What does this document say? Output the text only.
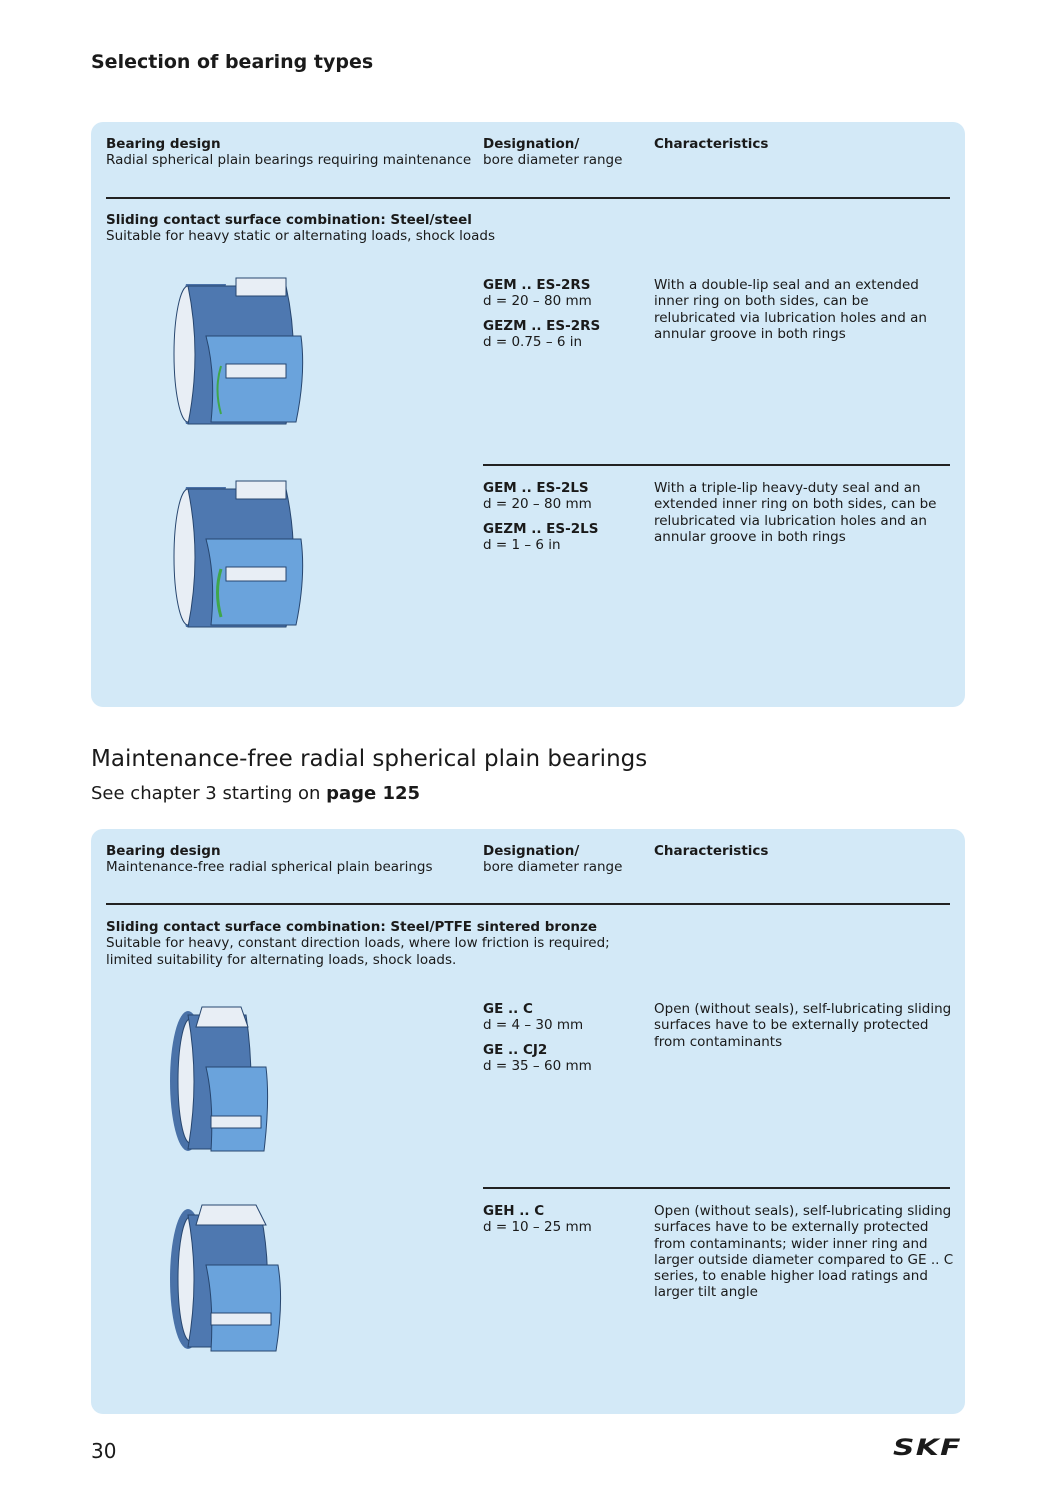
Selection of bearing types
Bearing design
Radial spherical plain bearings requiring maintenance
Designation/
bore diameter range
Characteristics
Sliding contact surface combination: Steel/steel
Suitable for heavy static or alternating loads, shock loads
GEM .. ES-2RS
d = 20 – 80 mm
GEZM .. ES-2RS
d = 0.75 – 6 in
With a double-lip seal and an extended inner ring on both sides, can be relubricated via lubrication holes and an annular groove in both rings
GEM .. ES-2LS
d = 20 – 80 mm
GEZM .. ES-2LS
d = 1 – 6 in
With a triple-lip heavy-duty seal and an extended inner ring on both sides, can be relubricated via lubrication holes and an annular groove in both rings
Maintenance-free radial spherical plain bearings
See chapter 3 starting on page 125
Bearing design
Maintenance-free radial spherical plain bearings
Designation/
bore diameter range
Characteristics
Sliding contact surface combination: Steel/PTFE sintered bronze
Suitable for heavy, constant direction loads, where low friction is required;
limited suitability for alternating loads, shock loads.
GE .. C
d = 4 – 30 mm
GE .. CJ2
d = 35 – 60 mm
Open (without seals), self-lubricating sliding surfaces have to be externally protected from contaminants
GEH .. C
d = 10 – 25 mm
Open (without seals), self-lubricating sliding surfaces have to be externally protected from contaminants; wider inner ring and larger outside diameter compared to GE .. C series, to enable higher load ratings and larger tilt angle
30	SKF
